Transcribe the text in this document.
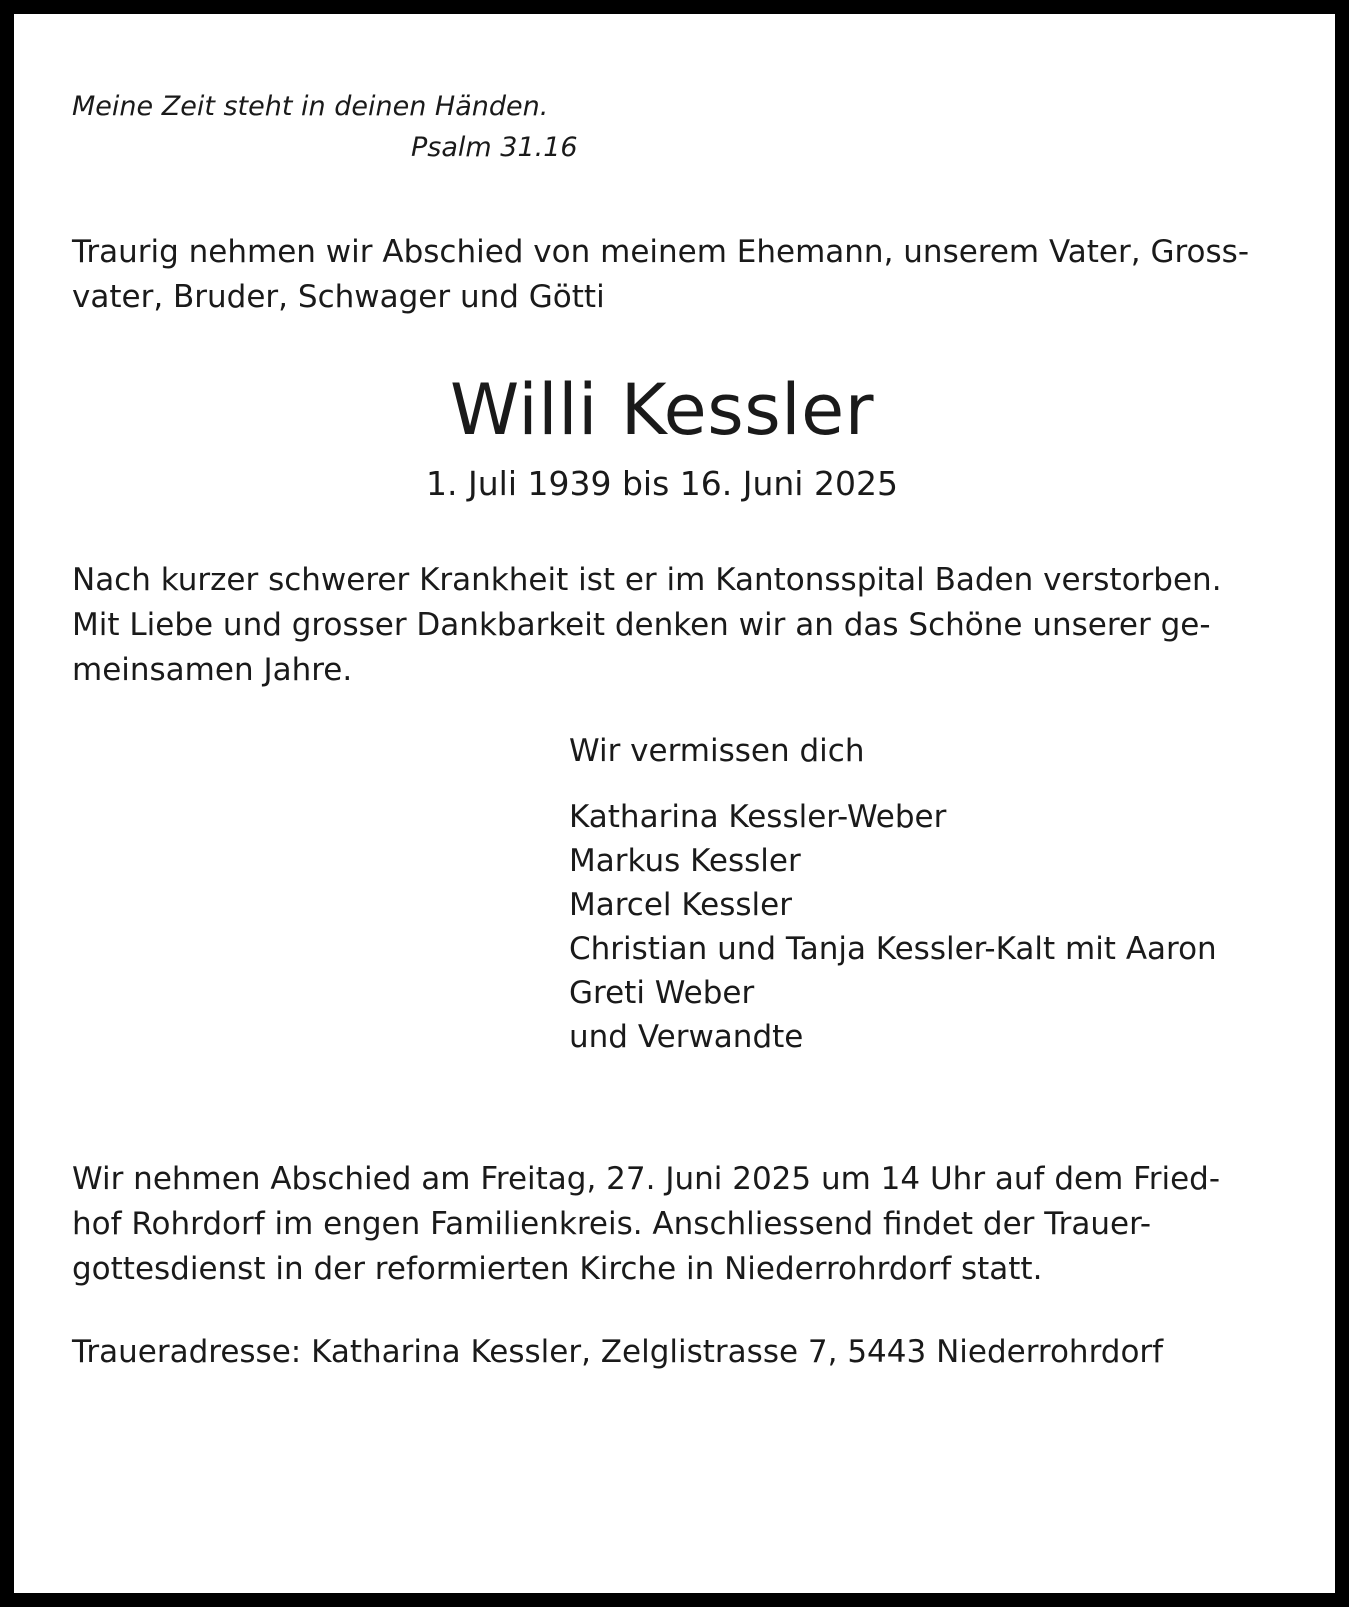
Meine Zeit steht in deinen Händen.

Psalm 31.16

Traurig nehmen wir Abschied von meinem Ehemann, unserem Vater, Gross-

vater, Bruder, Schwager und Götti

Willi Kessler

1. Juli 1939 bis 16. Juni 2025

Nach kurzer schwerer Krankheit ist er im Kantonsspital Baden verstorben.

Mit Liebe und grosser Dankbarkeit denken wir an das Schöne unserer ge-

meinsamen Jahre.

Wir vermissen dich

Katharina Kessler-Weber

Markus Kessler

Marcel Kessler

Christian und Tanja Kessler-Kalt mit Aaron

Greti Weber

und Verwandte

Wir nehmen Abschied am Freitag, 27. Juni 2025 um 14 Uhr auf dem Fried-

hof Rohrdorf im engen Familienkreis. Anschliessend findet der Trauer-

gottesdienst in der reformierten Kirche in Niederrohrdorf statt.

Traueradresse: Katharina Kessler, Zelglistrasse 7, 5443 Niederrohrdorf
